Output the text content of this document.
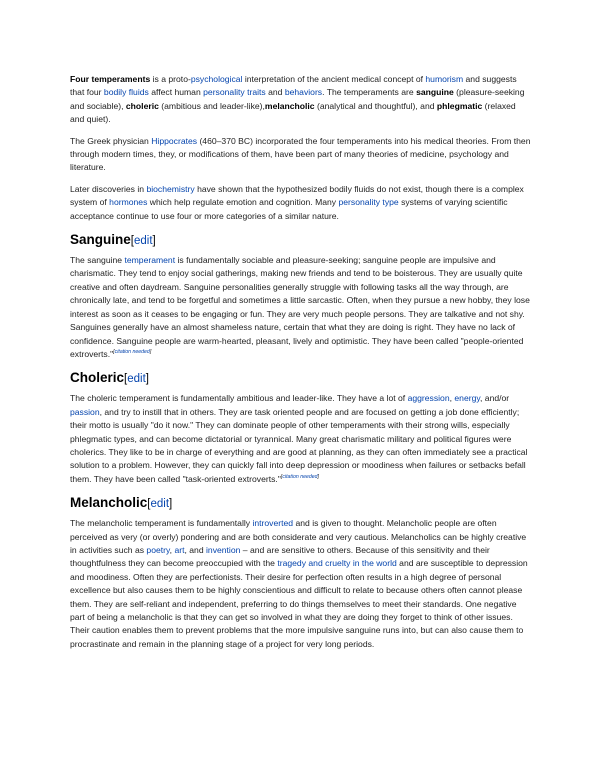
Four temperaments is a proto-psychological interpretation of the ancient medical concept of humorism and suggests that four bodily fluids affect human personality traits and behaviors. The temperaments are sanguine (pleasure-seeking and sociable), choleric (ambitious and leader-like),melancholic (analytical and thoughtful), and phlegmatic (relaxed and quiet).

The Greek physician Hippocrates (460–370 BC) incorporated the four temperaments into his medical theories. From then through modern times, they, or modifications of them, have been part of many theories of medicine, psychology and literature.

Later discoveries in biochemistry have shown that the hypothesized bodily fluids do not exist, though there is a complex system of hormones which help regulate emotion and cognition. Many personality type systems of varying scientific acceptance continue to use four or more categories of a similar nature.

Sanguine[edit]

The sanguine temperament is fundamentally sociable and pleasure-seeking; sanguine people are impulsive and charismatic. They tend to enjoy social gatherings, making new friends and tend to be boisterous. They are usually quite creative and often daydream. Sanguine personalities generally struggle with following tasks all the way through, are chronically late, and tend to be forgetful and sometimes a little sarcastic. Often, when they pursue a new hobby, they lose interest as soon as it ceases to be engaging or fun. They are very much people persons. They are talkative and not shy. Sanguines generally have an almost shameless nature, certain that what they are doing is right. They have no lack of confidence. Sanguine people are warm-hearted, pleasant, lively and optimistic. They have been called "people-oriented extroverts."[citation needed]

Choleric[edit]

The choleric temperament is fundamentally ambitious and leader-like. They have a lot of aggression, energy, and/or passion, and try to instill that in others. They are task oriented people and are focused on getting a job done efficiently; their motto is usually "do it now." They can dominate people of other temperaments with their strong wills, especially phlegmatic types, and can become dictatorial or tyrannical. Many great charismatic military and political figures were cholerics. They like to be in charge of everything and are good at planning, as they can often immediately see a practical solution to a problem. However, they can quickly fall into deep depression or moodiness when failures or setbacks befall them. They have been called "task-oriented extroverts."[citation needed]

Melancholic[edit]

The melancholic temperament is fundamentally introverted and is given to thought. Melancholic people are often perceived as very (or overly) pondering and are both considerate and very cautious. Melancholics can be highly creative in activities such as poetry, art, and invention – and are sensitive to others. Because of this sensitivity and their thoughtfulness they can become preoccupied with the tragedy and cruelty in the world and are susceptible to depression and moodiness. Often they are perfectionists. Their desire for perfection often results in a high degree of personal excellence but also causes them to be highly conscientious and difficult to relate to because others often cannot please them. They are self-reliant and independent, preferring to do things themselves to meet their standards. One negative part of being a melancholic is that they can get so involved in what they are doing they forget to think of other issues. Their caution enables them to prevent problems that the more impulsive sanguine runs into, but can also cause them to procrastinate and remain in the planning stage of a project for very long periods.
